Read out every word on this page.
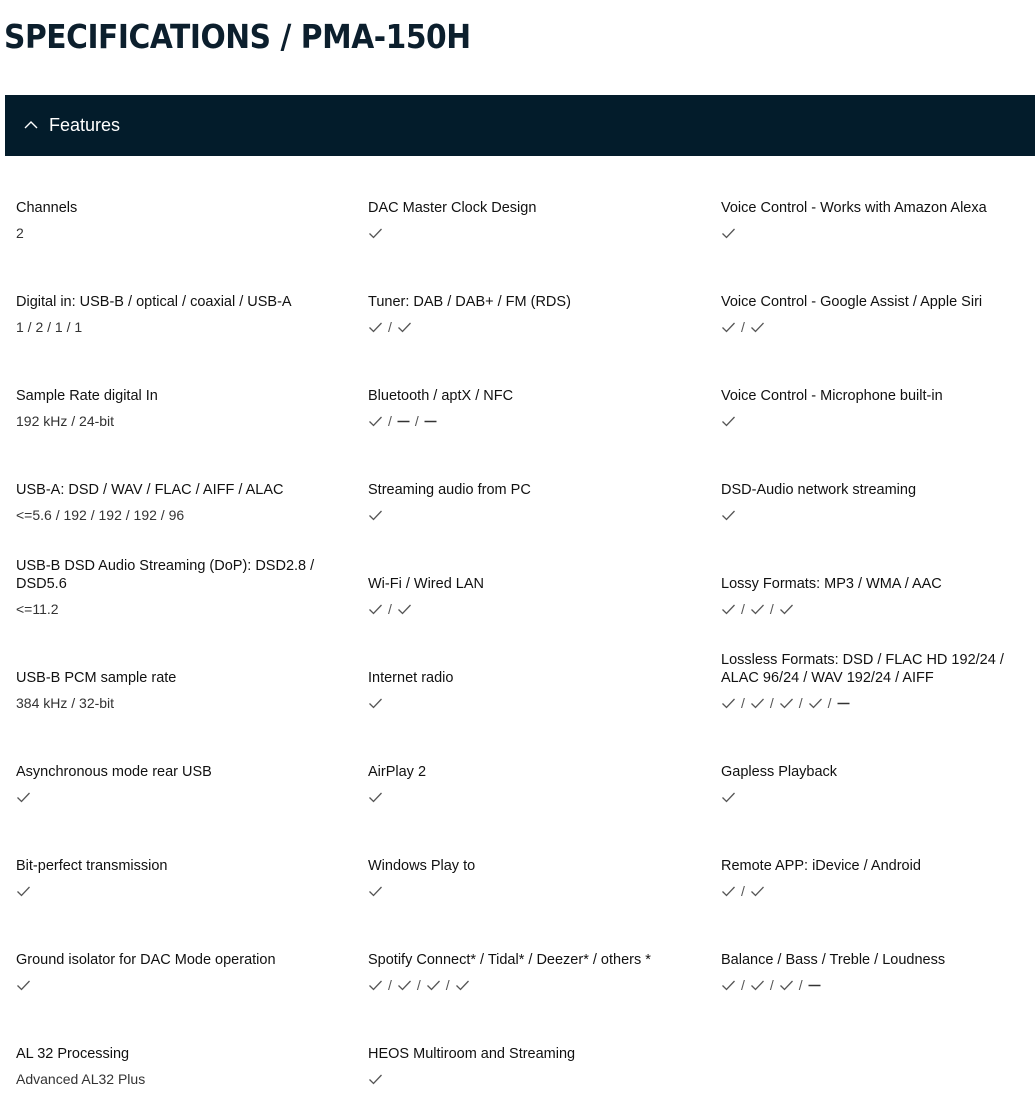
SPECIFICATIONS / PMA-150H
Features
Channels
2
Digital in: USB-B / optical / coaxial / USB-A
1 / 2 / 1 / 1
Sample Rate digital In
192 kHz / 24-bit
USB-A: DSD / WAV / FLAC / AIFF / ALAC
<=5.6 / 192 / 192 / 192 / 96
USB-B DSD Audio Streaming (DoP): DSD2.8 / DSD5.6
<=11.2
USB-B PCM sample rate
384 kHz / 32-bit
Asynchronous mode rear USB
Bit-perfect transmission
Ground isolator for DAC Mode operation
AL 32 Processing
Advanced AL32 Plus
DAC Master Clock Design
Tuner: DAB / DAB+ / FM (RDS)
/
Bluetooth / aptX / NFC
/ /
Streaming audio from PC
Wi-Fi / Wired LAN
/
Internet radio
AirPlay 2
Windows Play to
Spotify Connect* / Tidal* / Deezer* / others *
/ / /
HEOS Multiroom and Streaming
Voice Control - Works with Amazon Alexa
Voice Control - Google Assist / Apple Siri
/
Voice Control - Microphone built-in
DSD-Audio network streaming
Lossy Formats: MP3 / WMA / AAC
/ /
Lossless Formats: DSD / FLAC HD 192/24 / ALAC 96/24 / WAV 192/24 / AIFF
/ / / /
Gapless Playback
Remote APP: iDevice / Android
/
Balance / Bass / Treble / Loudness
/ / /
